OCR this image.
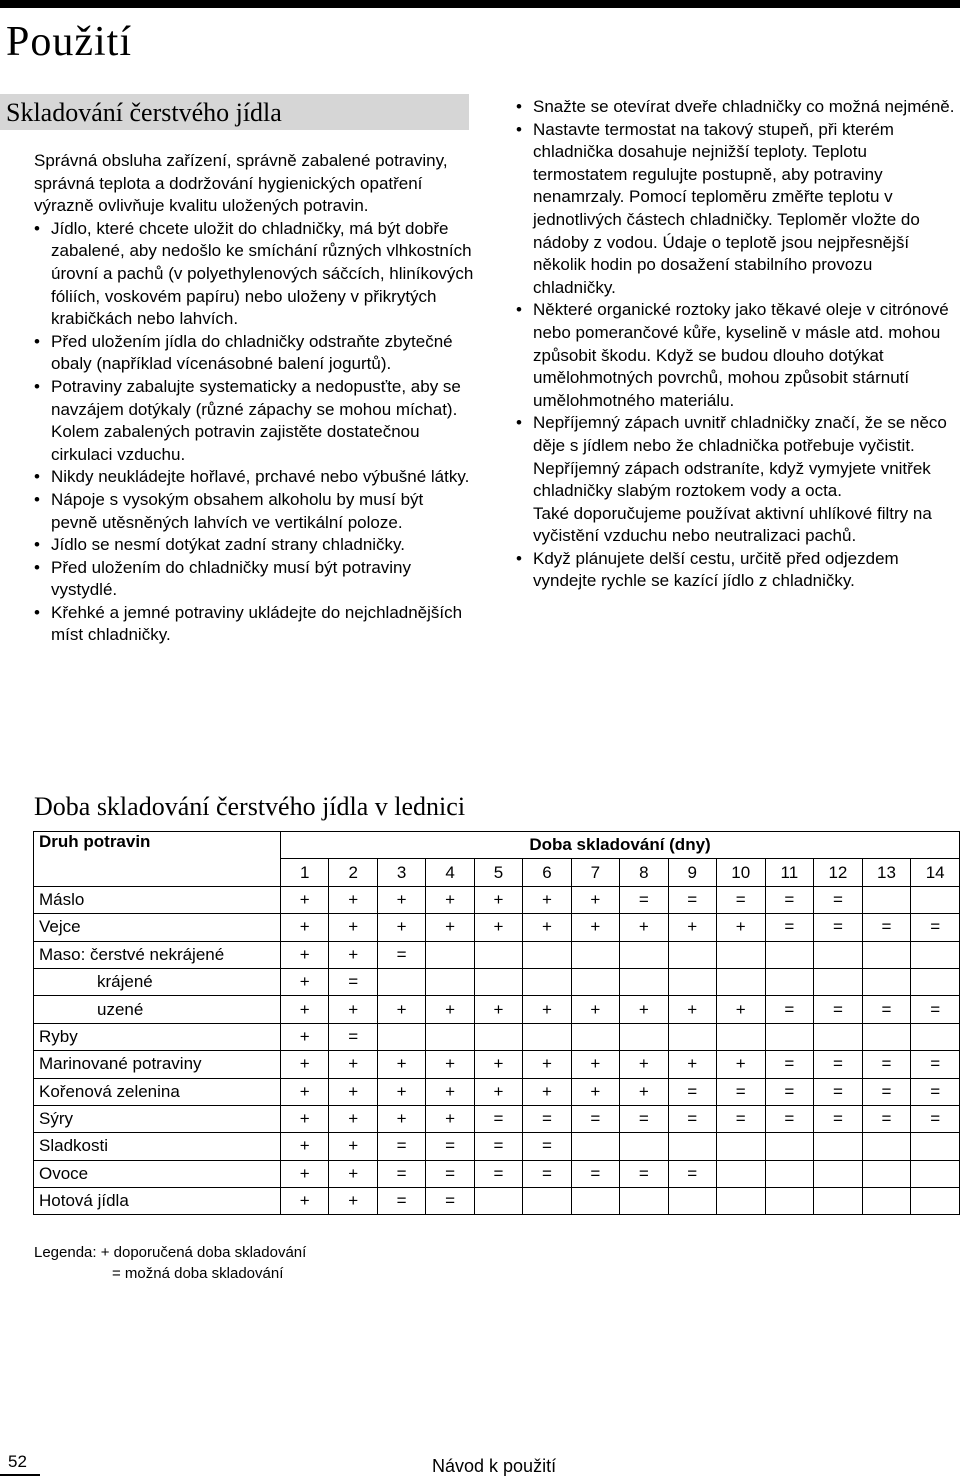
Použití
Skladování čerstvého jídla

Správná obsluha zařízení, správně zabalené potraviny, správná teplota a dodržování hygienických opatření výrazně ovlivňuje kvalitu uložených potravin.

• Jídlo, které chcete uložit do chladničky, má být dobře zabalené, aby nedošlo ke smíchání různých vlhkostních úrovní a pachů (v polyethylenových sáčcích, hliníkových fóliích, voskovém papíru) nebo uloženy v přikrytých krabičkách nebo lahvích.
• Před uložením jídla do chladničky odstraňte zbytečné obaly (například vícenásobné balení jogurtů).
• Potraviny zabalujte systematicky a nedopusťte, aby se navzájem dotýkaly (různé zápachy se mohou míchat). Kolem zabalených potravin zajistěte dostatečnou cirkulaci vzduchu.
• Nikdy neukládejte hořlavé, prchavé nebo výbušné látky.
• Nápoje s vysokým obsahem alkoholu by musí být pevně utěsněných lahvích ve vertikální poloze.
• Jídlo se nesmí dotýkat zadní strany chladničky.
• Před uložením do chladničky musí být potraviny vystydlé.
• Křehké a jemné potraviny ukládejte do nejchladnějších míst chladničky.
• Snažte se otevírat dveře chladničky co možná nejméně.
• Nastavte termostat na takový stupeň, při kterém chladnička dosahuje nejnižší teploty. Teplotu termostatem regulujte postupně, aby potraviny nenamrzaly. Pomocí teploměru změřte teplotu v jednotlivých částech chladničky. Teploměr vložte do nádoby z vodou. Údaje o teplotě jsou nejpřesnější několik hodin po dosažení stabilního provozu chladničky.
• Některé organické roztoky jako těkavé oleje v citrónové nebo pomerančové kůře, kyselině v másle atd. mohou způsobit škodu. Když se budou dlouho dotýkat umělohmotných povrchů, mohou způsobit stárnutí umělohmotného materiálu.
• Nepříjemný zápach uvnitř chladničky značí, že se něco děje s jídlem nebo že chladnička potřebuje vyčistit. Nepříjemný zápach odstraníte, když vymyjete vnitřek chladničky slabým roztokem vody a octa.
Také doporučujeme používat aktivní uhlíkové filtry na vyčistění vzduchu nebo neutralizaci pachů.
• Když plánujete delší cestu, určitě před odjezdem vyndejte rychle se kazící jídlo z chladničky.
Doba skladování čerstvého jídla v lednici
Druh potravin	Doba skladování (dny)													
	1	2	3	4	5	6	7	8	9	10	11	12	13	14
Máslo	+	+	+	+	+	+	+	=	=	=	=	=		
Vejce	+	+	+	+	+	+	+	+	+	+	=	=	=	=
Maso: čerstvé nekrájené	+	+	=											
krájené	+	=												
uzené	+	+	+	+	+	+	+	+	+	+	=	=	=	=
Ryby	+	=												
Marinované potraviny	+	+	+	+	+	+	+	+	+	+	=	=	=	=
Kořenová zelenina	+	+	+	+	+	+	+	+	=	=	=	=	=	=
Sýry	+	+	+	+	=	=	=	=	=	=	=	=	=	=
Sladkosti	+	+	=	=	=	=								
Ovoce	+	+	=	=	=	=	=	=	=					
Hotová jídla	+	+	=	=										
Legenda: + doporučená doba skladování
= možná doba skladování
52	Návod k použití
